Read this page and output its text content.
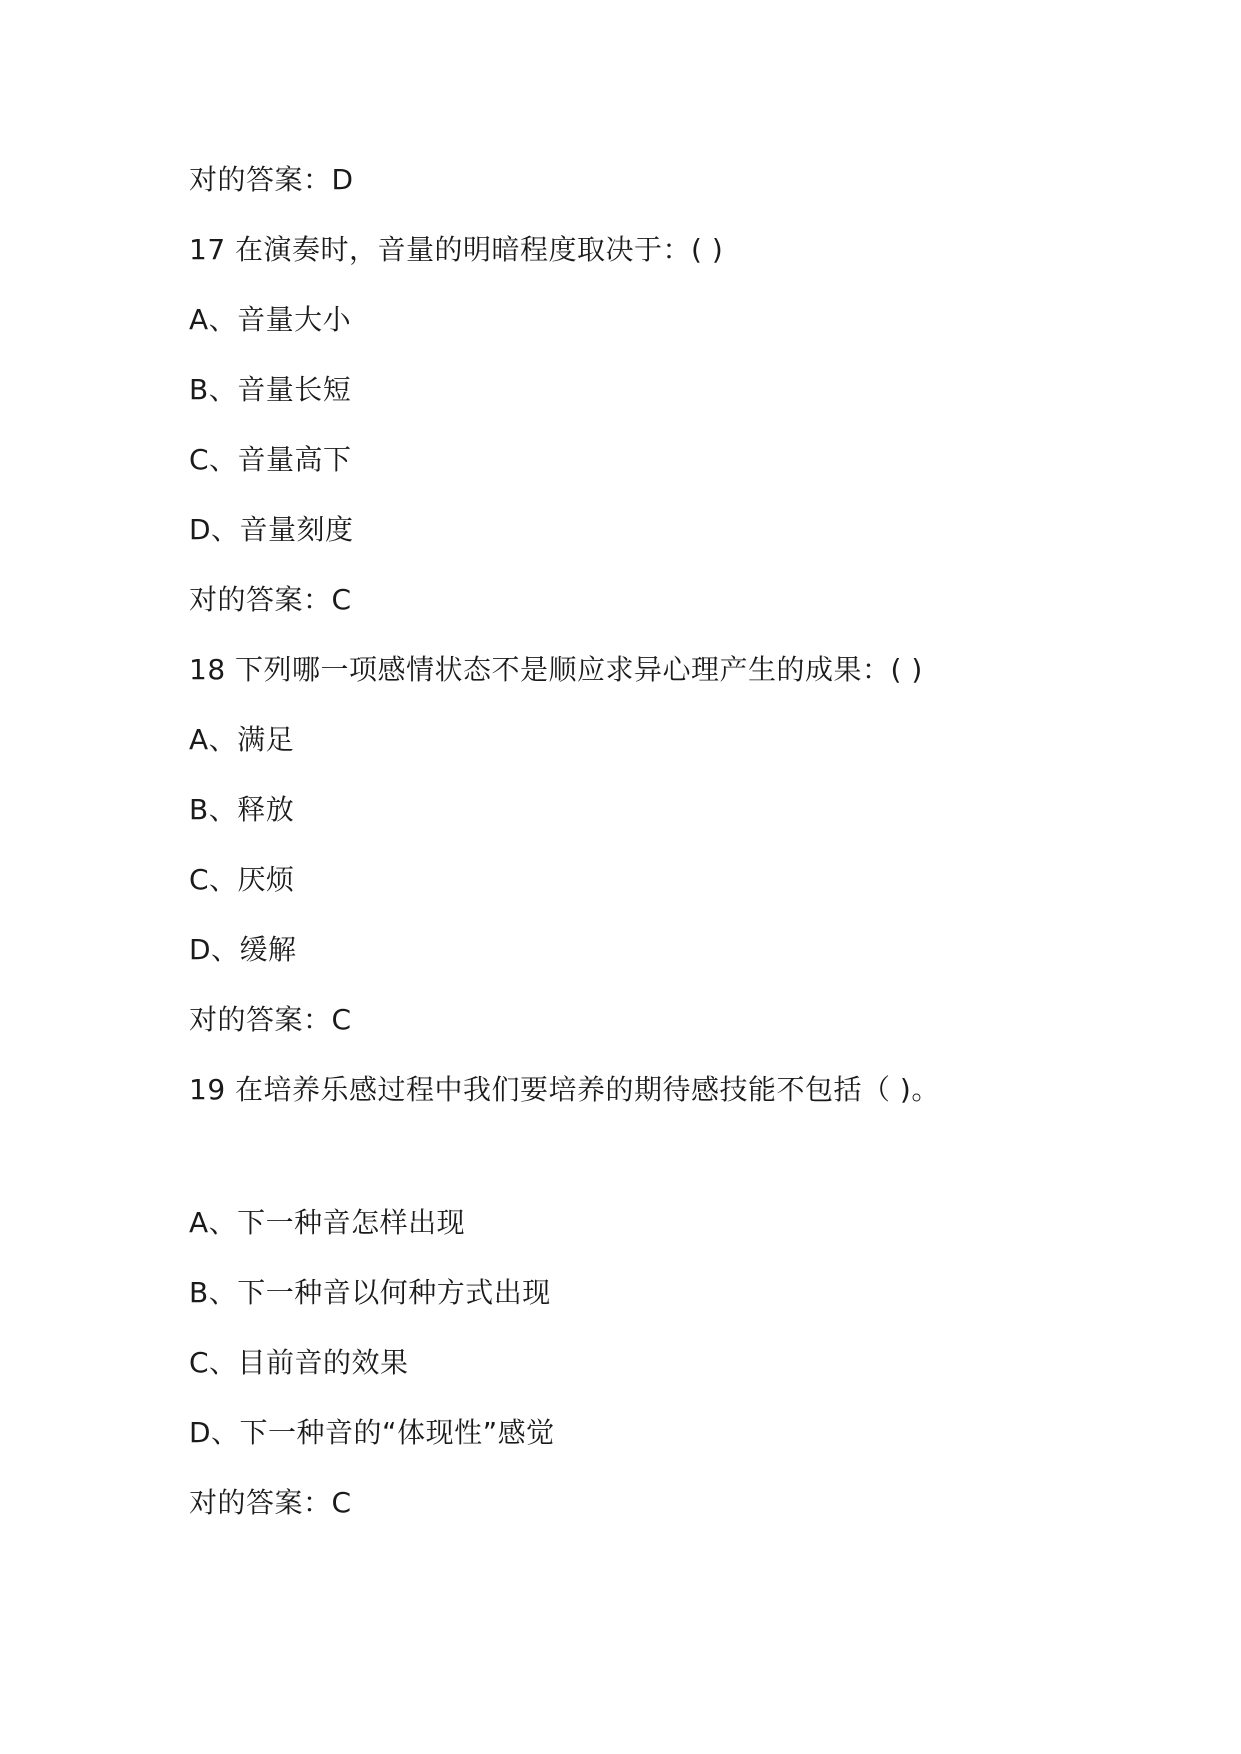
对的答案：D
17 在演奏时，音量的明暗程度取决于：( )
A、音量大小
B、音量长短
C、音量高下
D、音量刻度
对的答案：C
18 下列哪一项感情状态不是顺应求异心理产生的成果：( )
A、满足
B、释放
C、厌烦
D、缓解
对的答案：C
19 在培养乐感过程中我们要培养的期待感技能不包括（ )。
A、下一种音怎样出现
B、下一种音以何种方式出现
C、目前音的效果
D、下一种音的“体现性”感觉
对的答案：C
